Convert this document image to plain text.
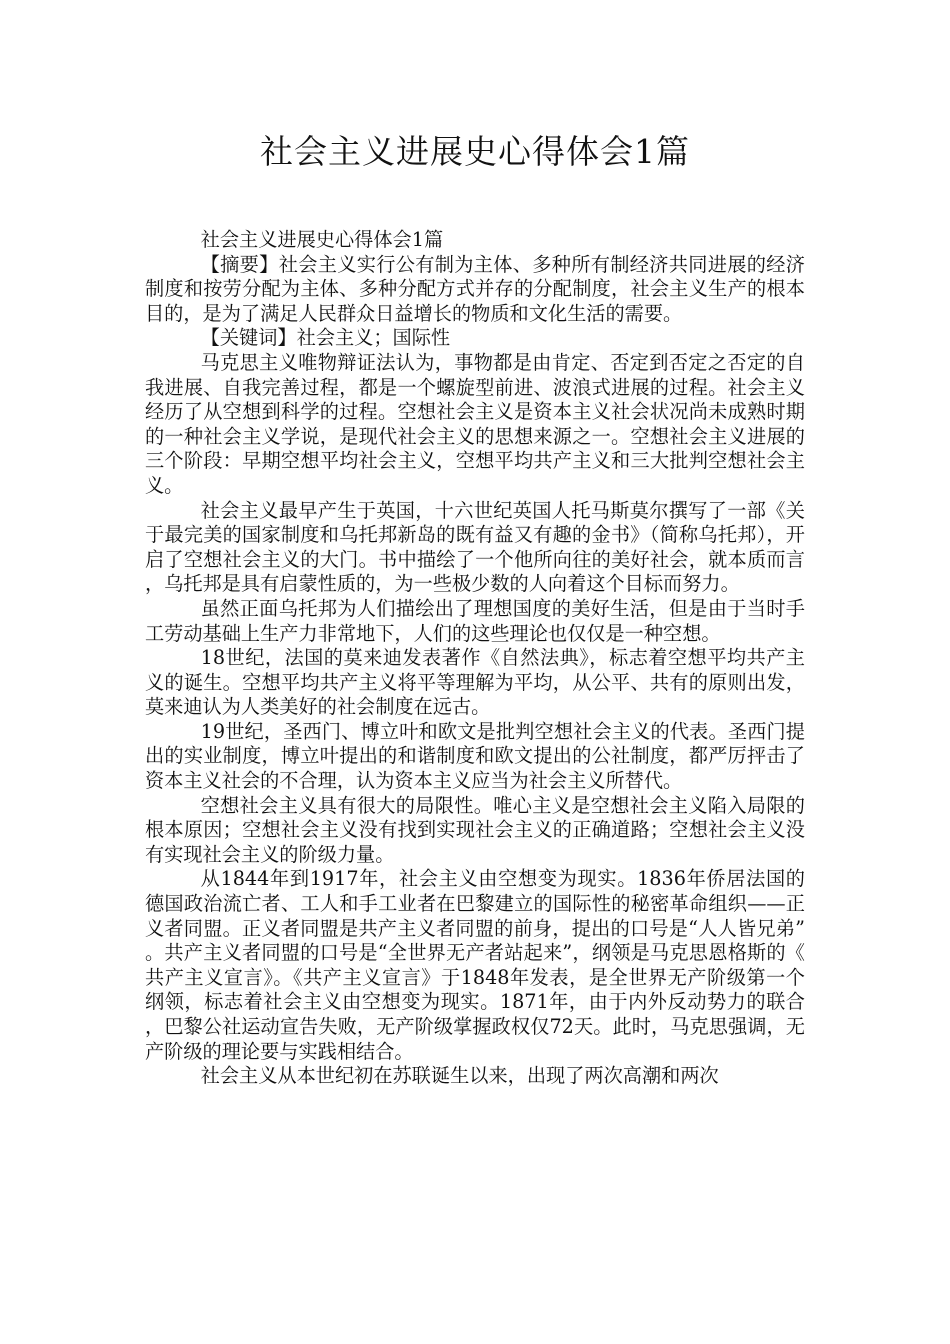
社会主义进展史心得体会1篇

社会主义进展史心得体会1篇

【摘要】社会主义实行公有制为主体、多种所有制经济共同进展的经济制度和按劳分配为主体、多种分配方式并存的分配制度，社会主义生产的根本目的，是为了满足人民群众日益增长的物质和文化生活的需要。

【关键词】社会主义；国际性

马克思主义唯物辩证法认为，事物都是由肯定、否定到否定之否定的自我进展、自我完善过程，都是一个螺旋型前进、波浪式进展的过程。社会主义经历了从空想到科学的过程。空想社会主义是资本主义社会状况尚未成熟时期的一种社会主义学说，是现代社会主义的思想来源之一。空想社会主义进展的三个阶段：早期空想平均社会主义，空想平均共产主义和三大批判空想社会主义。

社会主义最早产生于英国，十六世纪英国人托马斯莫尔撰写了一部《关于最完美的国家制度和乌托邦新岛的既有益又有趣的金书》（简称乌托邦），开启了空想社会主义的大门。书中描绘了一个他所向往的美好社会，就本质而言，乌托邦是具有启蒙性质的，为一些极少数的人向着这个目标而努力。

虽然正面乌托邦为人们描绘出了理想国度的美好生活，但是由于当时手工劳动基础上生产力非常地下，人们的这些理论也仅仅是一种空想。

18世纪，法国的莫来迪发表著作《自然法典》，标志着空想平均共产主义的诞生。空想平均共产主义将平等理解为平均，从公平、共有的原则出发，莫来迪认为人类美好的社会制度在远古。

19世纪，圣西门、博立叶和欧文是批判空想社会主义的代表。圣西门提出的实业制度，博立叶提出的和谐制度和欧文提出的公社制度，都严厉抨击了资本主义社会的不合理，认为资本主义应当为社会主义所替代。

空想社会主义具有很大的局限性。唯心主义是空想社会主义陷入局限的根本原因；空想社会主义没有找到实现社会主义的正确道路；空想社会主义没有实现社会主义的阶级力量。

从1844年到1917年，社会主义由空想变为现实。1836年侨居法国的德国政治流亡者、工人和手工业者在巴黎建立的国际性的秘密革命组织——正义者同盟。正义者同盟是共产主义者同盟的前身，提出的口号是“人人皆兄弟”。共产主义者同盟的口号是“全世界无产者站起来”，纲领是马克思恩格斯的《共产主义宣言》。《共产主义宣言》于1848年发表，是全世界无产阶级第一个纲领，标志着社会主义由空想变为现实。1871年，由于内外反动势力的联合，巴黎公社运动宣告失败，无产阶级掌握政权仅72天。此时，马克思强调，无产阶级的理论要与实践相结合。

社会主义从本世纪初在苏联诞生以来，出现了两次高潮和两次
